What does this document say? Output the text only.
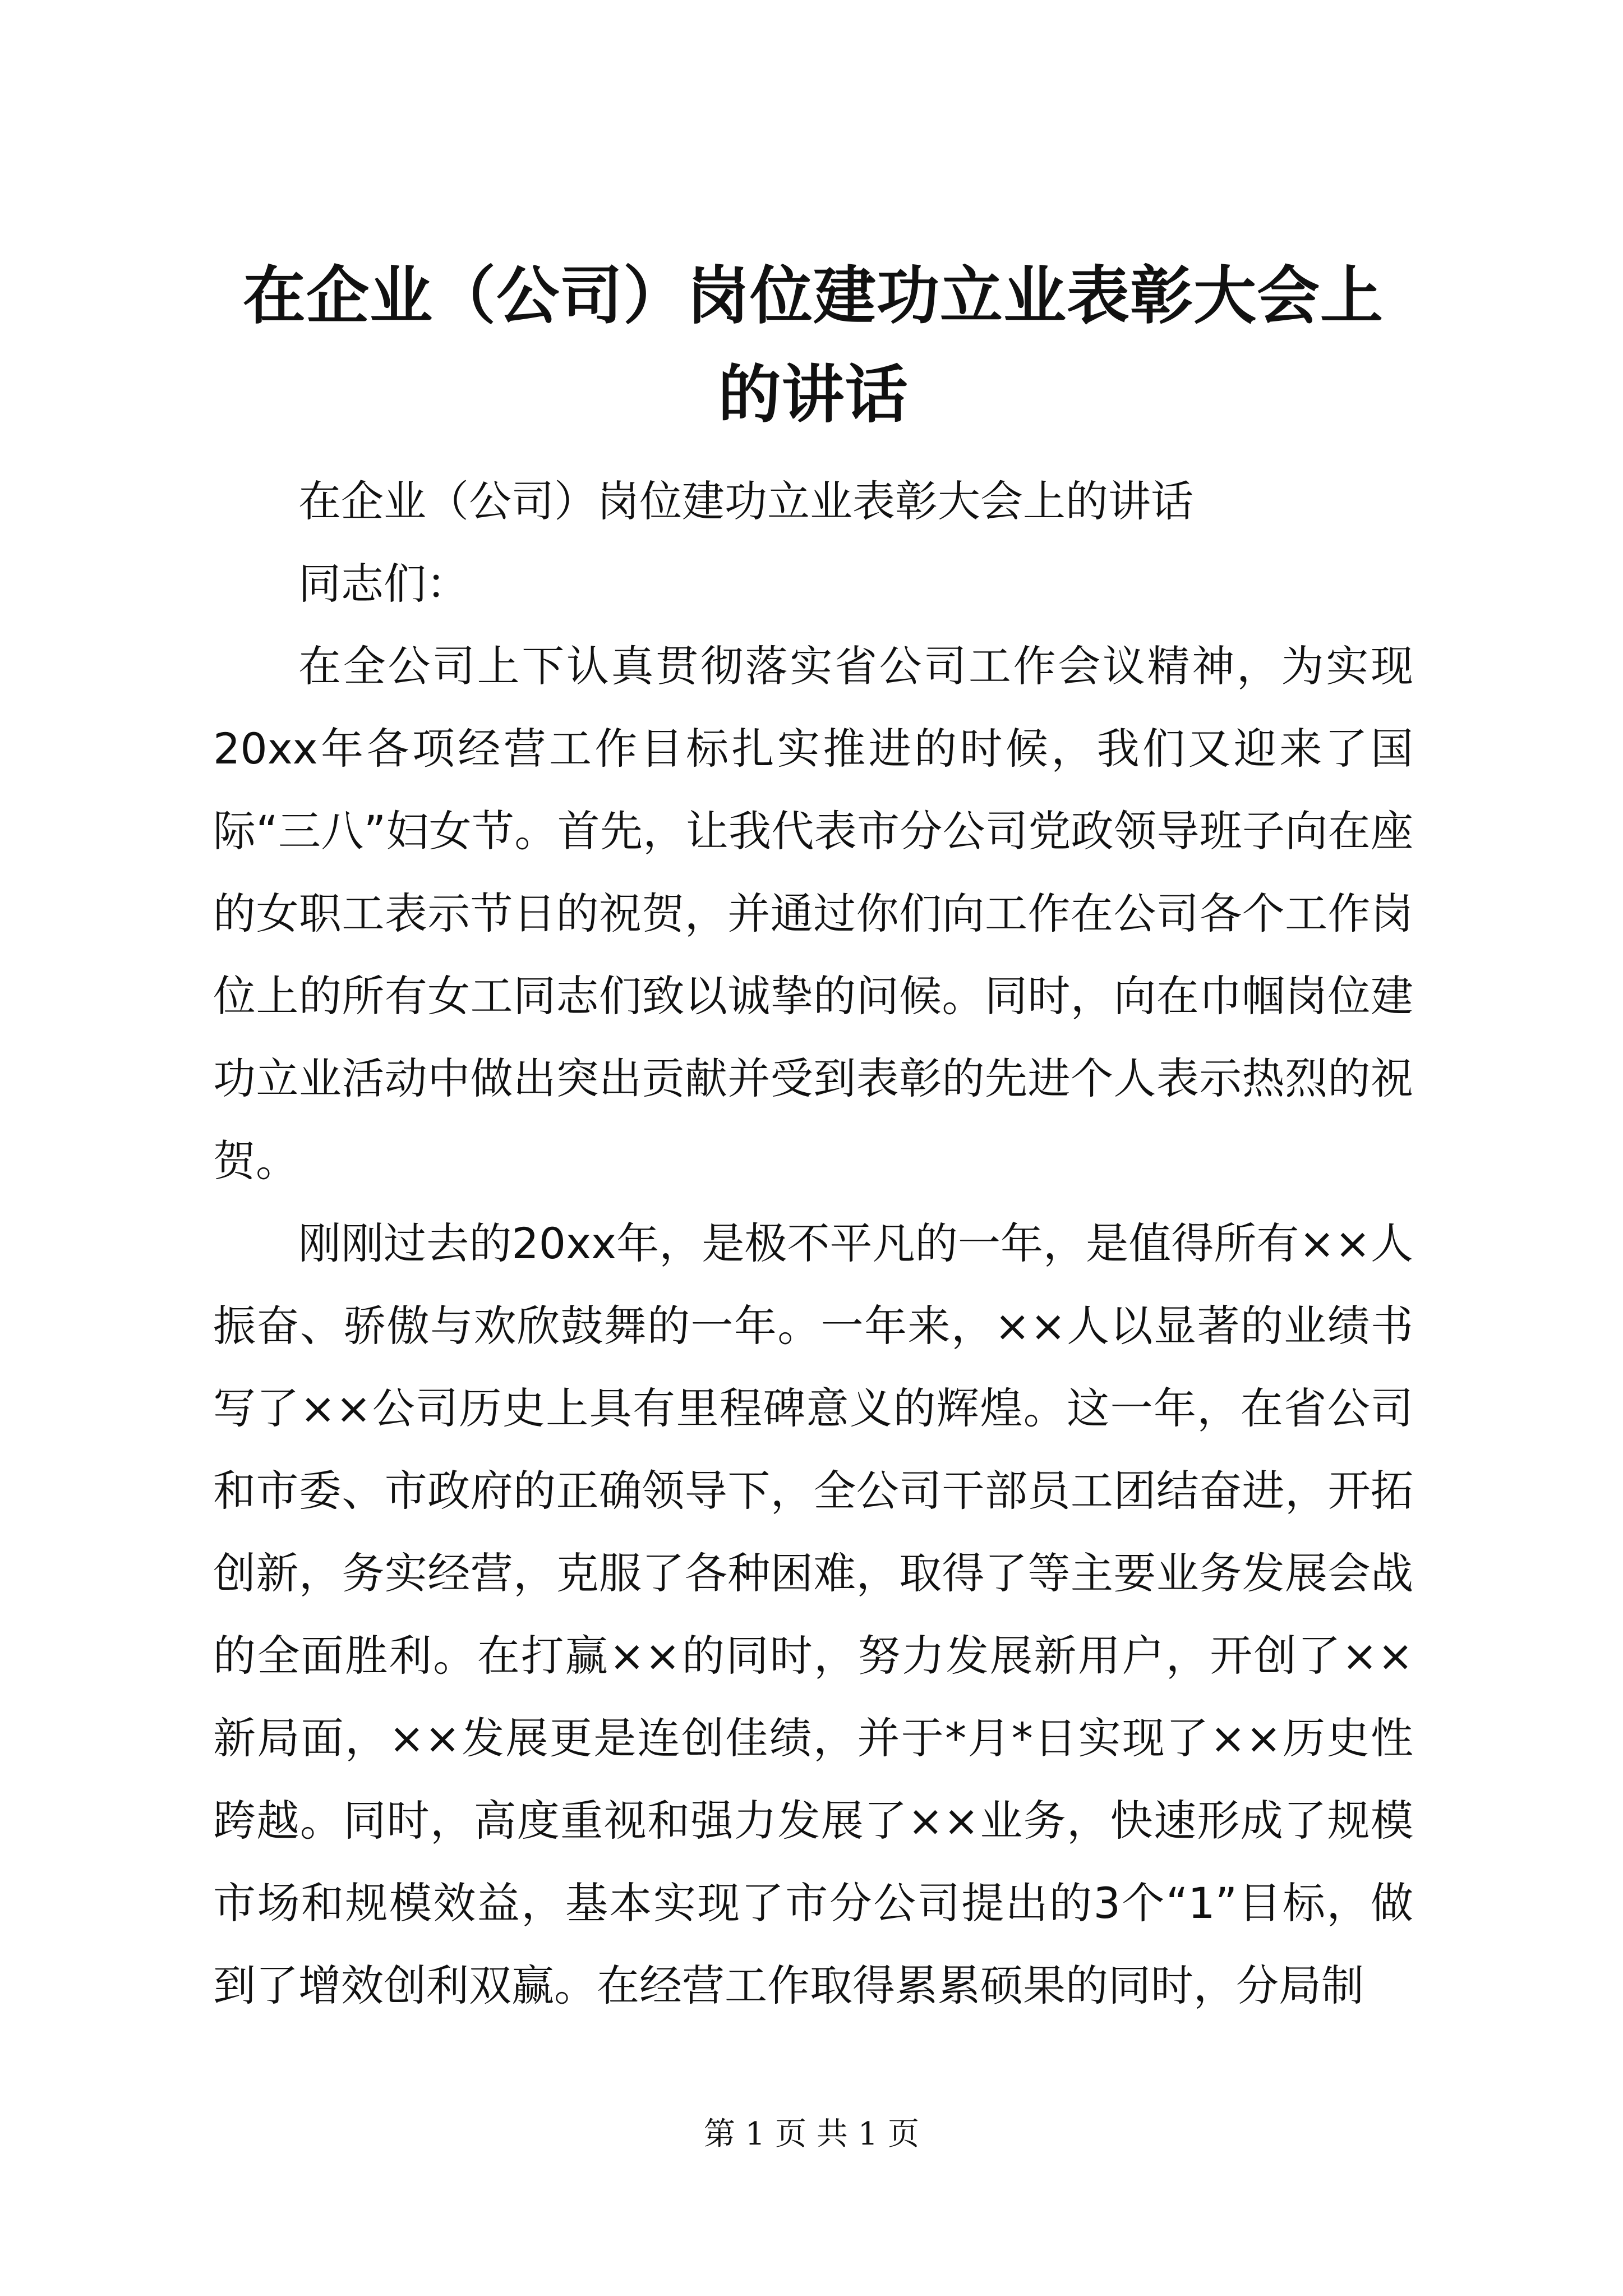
在企业（公司）岗位建功立业表彰大会上的讲话

在企业（公司）岗位建功立业表彰大会上的讲话

同志们：

在全公司上下认真贯彻落实省公司工作会议精神，为实现20xx年各项经营工作目标扎实推进的时候，我们又迎来了国际“三八”妇女节。首先，让我代表市分公司党政领导班子向在座的女职工表示节日的祝贺，并通过你们向工作在公司各个工作岗位上的所有女工同志们致以诚挚的问候。同时，向在巾帼岗位建功立业活动中做出突出贡献并受到表彰的先进个人表示热烈的祝贺。

刚刚过去的20xx年，是极不平凡的一年，是值得所有××人振奋、骄傲与欢欣鼓舞的一年。一年来，××人以显著的业绩书写了××公司历史上具有里程碑意义的辉煌。这一年，在省公司和市委、市政府的正确领导下，全公司干部员工团结奋进，开拓创新，务实经营，克服了各种困难，取得了等主要业务发展会战的全面胜利。在打赢××的同时，努力发展新用户，开创了××新局面，××发展更是连创佳绩，并于*月*日实现了××历史性跨越。同时，高度重视和强力发展了××业务，快速形成了规模市场和规模效益，基本实现了市分公司提出的3个“1”目标，做到了增效创利双赢。在经营工作取得累累硕果的同时，分局制

第 1 页 共 1 页
